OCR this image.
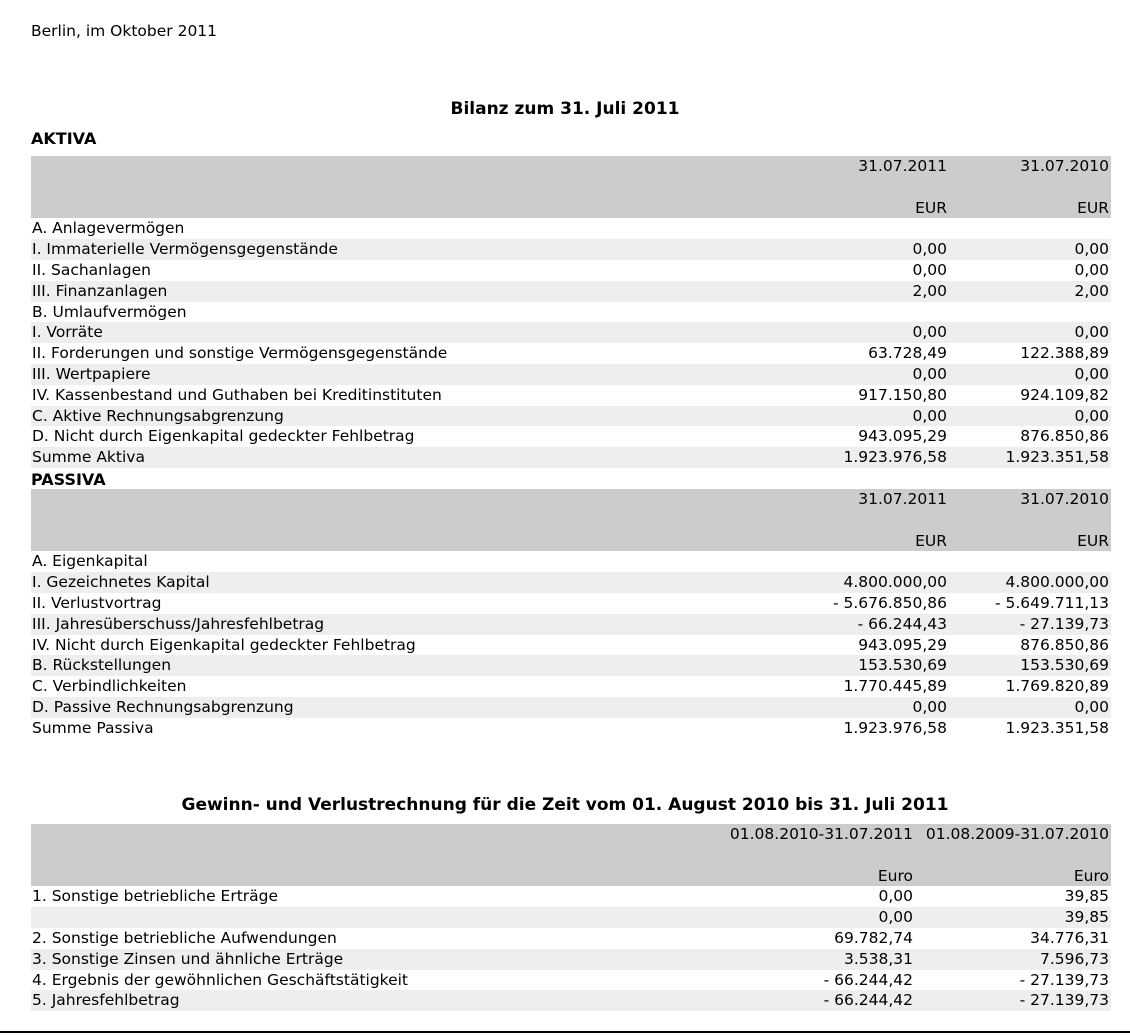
Berlin, im Oktober 2011
Bilanz zum 31. Juli 2011
AKTIVA
	31.07.2011	31.07.2010

	EUR	EUR
A. Anlagevermögen		
I. Immaterielle Vermögensgegenstände	0,00	0,00
II. Sachanlagen	0,00	0,00
III. Finanzanlagen	2,00	2,00
B. Umlaufvermögen		
I. Vorräte	0,00	0,00
II. Forderungen und sonstige Vermögensgegenstände	63.728,49	122.388,89
III. Wertpapiere	0,00	0,00
IV. Kassenbestand und Guthaben bei Kreditinstituten	917.150,80	924.109,82
C. Aktive Rechnungsabgrenzung	0,00	0,00
D. Nicht durch Eigenkapital gedeckter Fehlbetrag	943.095,29	876.850,86
Summe Aktiva	1.923.976,58	1.923.351,58
PASSIVA
	31.07.2011	31.07.2010

	EUR	EUR
A. Eigenkapital		
I. Gezeichnetes Kapital	4.800.000,00	4.800.000,00
II. Verlustvortrag	- 5.676.850,86	- 5.649.711,13
III. Jahresüberschuss/Jahresfehlbetrag	- 66.244,43	- 27.139,73
IV. Nicht durch Eigenkapital gedeckter Fehlbetrag	943.095,29	876.850,86
B. Rückstellungen	153.530,69	153.530,69
C. Verbindlichkeiten	1.770.445,89	1.769.820,89
D. Passive Rechnungsabgrenzung	0,00	0,00
Summe Passiva	1.923.976,58	1.923.351,58
Gewinn- und Verlustrechnung für die Zeit vom 01. August 2010 bis 31. Juli 2011
	01.08.2010-31.07.2011	01.08.2009-31.07.2010

	Euro	Euro
1. Sonstige betriebliche Erträge	0,00	39,85
	0,00	39,85
2. Sonstige betriebliche Aufwendungen	69.782,74	34.776,31
3. Sonstige Zinsen und ähnliche Erträge	3.538,31	7.596,73
4. Ergebnis der gewöhnlichen Geschäftstätigkeit	- 66.244,42	- 27.139,73
5. Jahresfehlbetrag	- 66.244,42	- 27.139,73
